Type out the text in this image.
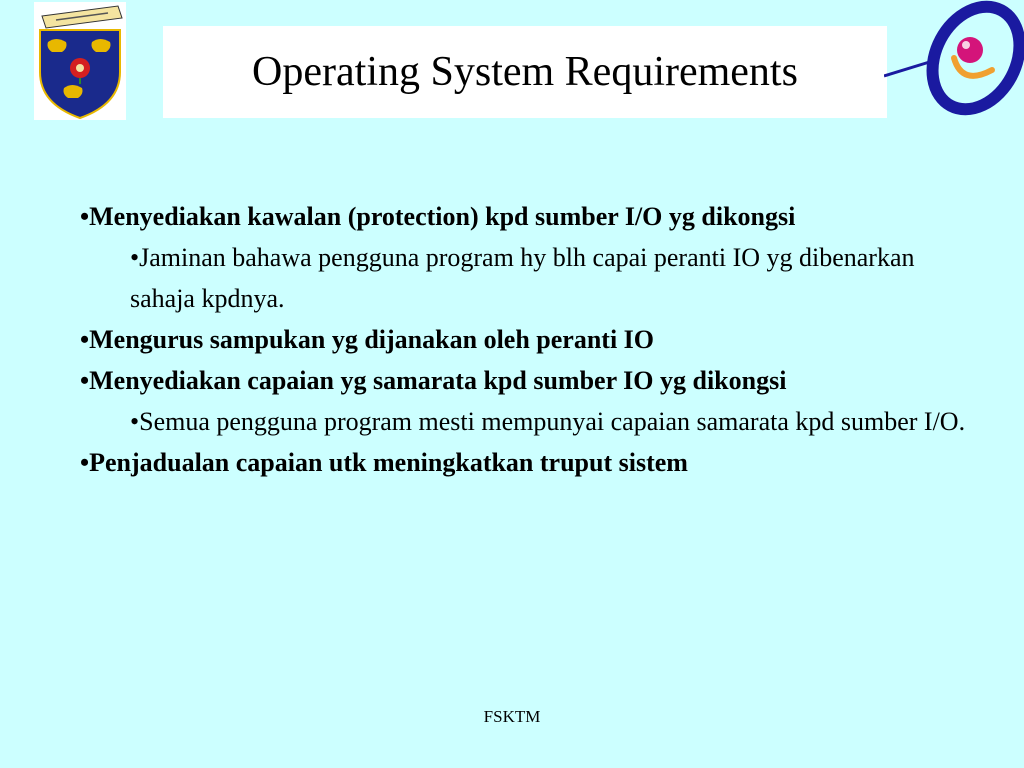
Operating System Requirements

•Menyediakan kawalan (protection) kpd sumber I/O yg dikongsi

•Jaminan bahawa pengguna program hy blh capai peranti IO yg dibenarkan sahaja kpdnya.

•Mengurus sampukan yg dijanakan oleh peranti IO

•Menyediakan capaian yg samarata kpd sumber IO yg dikongsi

•Semua pengguna program mesti mempunyai capaian samarata kpd sumber I/O.

•Penjadualan capaian utk meningkatkan truput sistem

FSKTM
